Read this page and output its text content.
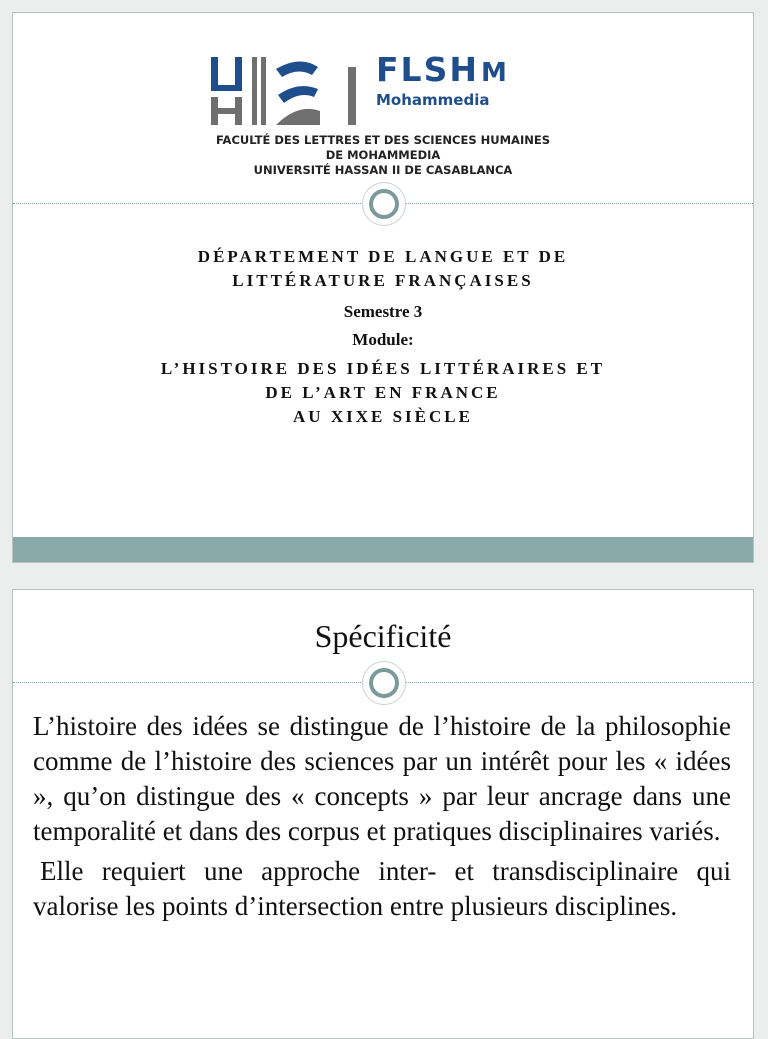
FLSHM
Mohammedia
FACULTÉ DES LETTRES ET DES SCIENCES HUMAINES
DE MOHAMMEDIA
UNIVERSITÉ HASSAN II DE CASABLANCA
DÉPARTEMENT DE LANGUE ET DE
LITTÉRATURE FRANÇAISES
Semestre 3
Module:
L’HISTOIRE DES IDÉES LITTÉRAIRES ET
DE L’ART EN FRANCE
AU XIXE SIÈCLE
Spécificité

L’histoire des idées se distingue de l’histoire de la philosophie comme de l’histoire des sciences par un intérêt pour les « idées », qu’on distingue des « concepts » par leur ancrage dans une temporalité et dans des corpus et pratiques disciplinaires variés.

Elle requiert une approche inter- et transdisciplinaire qui valorise les points d’intersection entre plusieurs disciplines.
